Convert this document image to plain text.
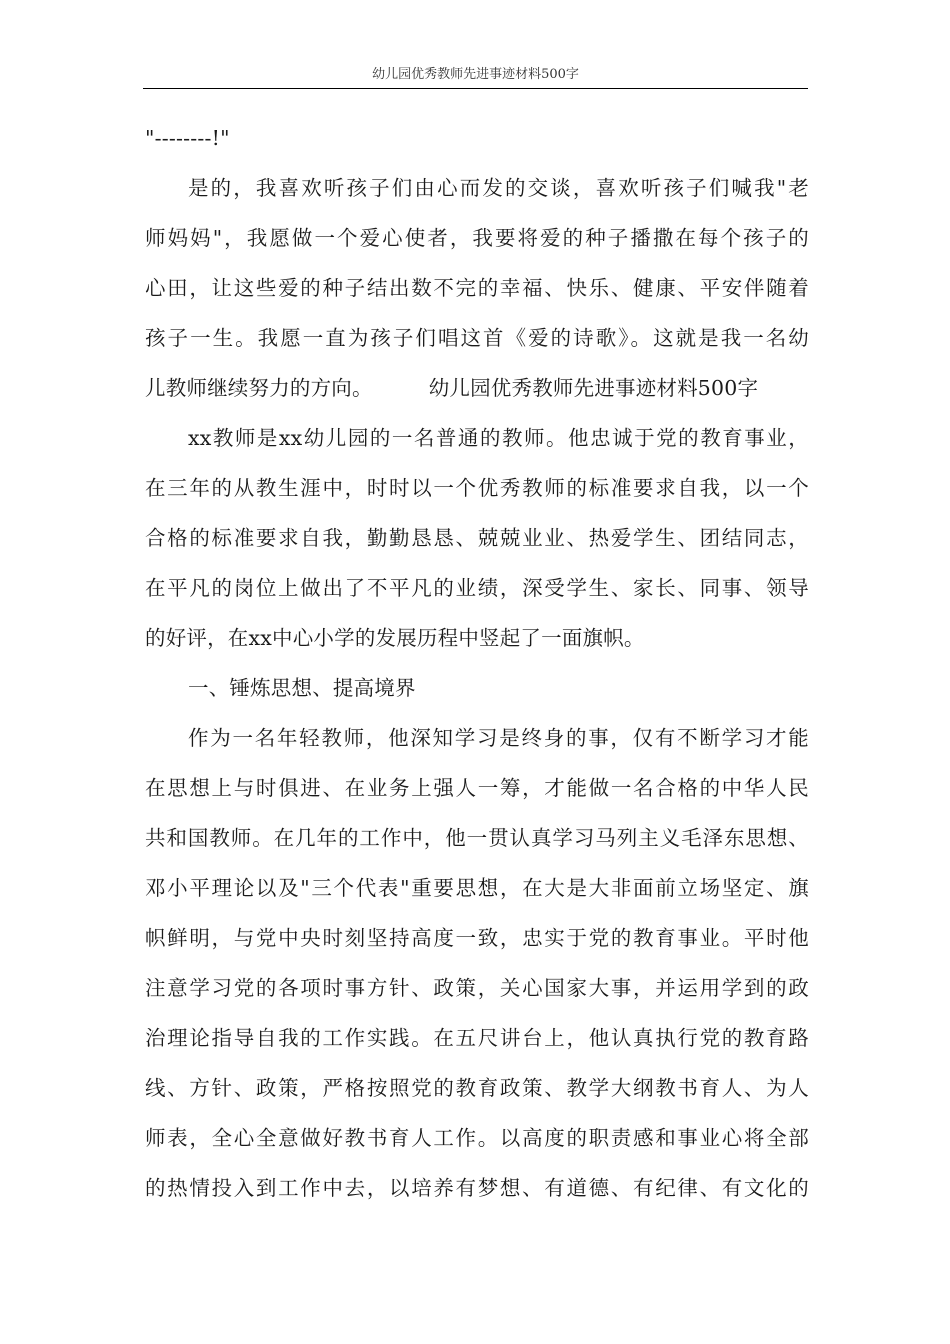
幼儿园优秀教师先进事迹材料500字
"--------!"
是的，我喜欢听孩子们由心而发的交谈，喜欢听孩子们喊我"老
师妈妈"，我愿做一个爱心使者，我要将爱的种子播撒在每个孩子的
心田，让这些爱的种子结出数不完的幸福、快乐、健康、平安伴随着
孩子一生。我愿一直为孩子们唱这首《爱的诗歌》。这就是我一名幼
儿教师继续努力的方向。	幼儿园优秀教师先进事迹材料500字
xx教师是xx幼儿园的一名普通的教师。他忠诚于党的教育事业，
在三年的从教生涯中，时时以一个优秀教师的标准要求自我，以一个
合格的标准要求自我，勤勤恳恳、兢兢业业、热爱学生、团结同志，
在平凡的岗位上做出了不平凡的业绩，深受学生、家长、同事、领导
的好评，在xx中心小学的发展历程中竖起了一面旗帜。
一、锤炼思想、提高境界
作为一名年轻教师，他深知学习是终身的事，仅有不断学习才能
在思想上与时俱进、在业务上强人一筹，才能做一名合格的中华人民
共和国教师。在几年的工作中，他一贯认真学习马列主义毛泽东思想、
邓小平理论以及"三个代表"重要思想，在大是大非面前立场坚定、旗
帜鲜明，与党中央时刻坚持高度一致，忠实于党的教育事业。平时他
注意学习党的各项时事方针、政策，关心国家大事，并运用学到的政
治理论指导自我的工作实践。在五尺讲台上，他认真执行党的教育路
线、方针、政策，严格按照党的教育政策、教学大纲教书育人、为人
师表，全心全意做好教书育人工作。以高度的职责感和事业心将全部
的热情投入到工作中去，以培养有梦想、有道德、有纪律、有文化的
